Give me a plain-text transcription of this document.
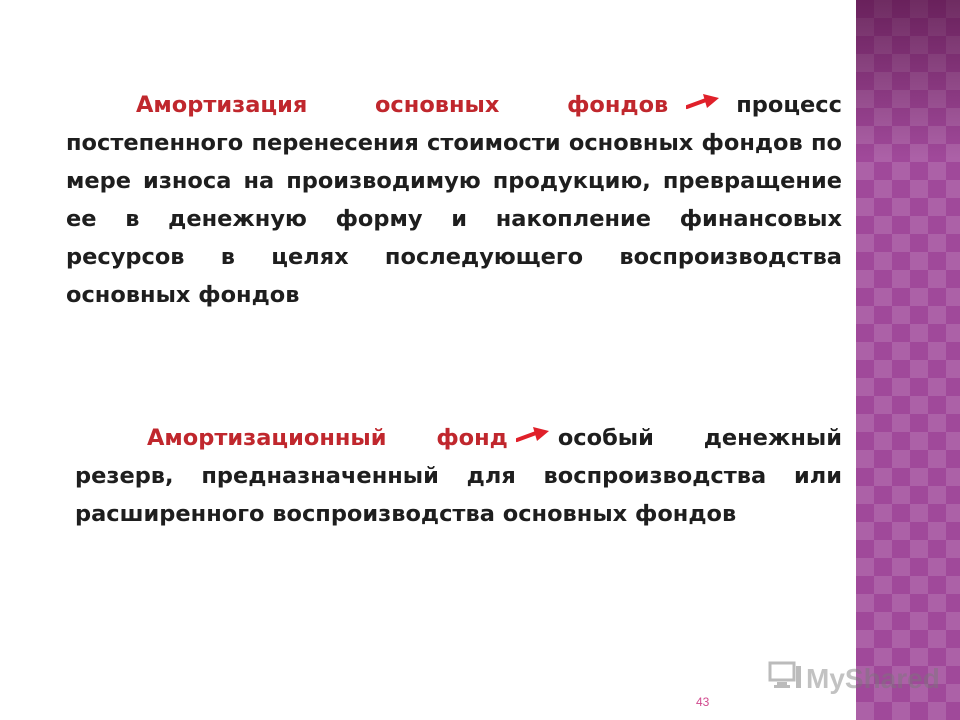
Амортизация основных фондов	процесс постепенного перенесения стоимости основных фондов по мере износа на производимую продукцию, превращение ее в денежную форму и накопление финансовых ресурсов в целях последующего воспроизводства основных фондов

Амортизационный фонд особый денежный резерв, предназначенный для воспроизводства или расширенного воспроизводства основных фондов

MyShared
43
